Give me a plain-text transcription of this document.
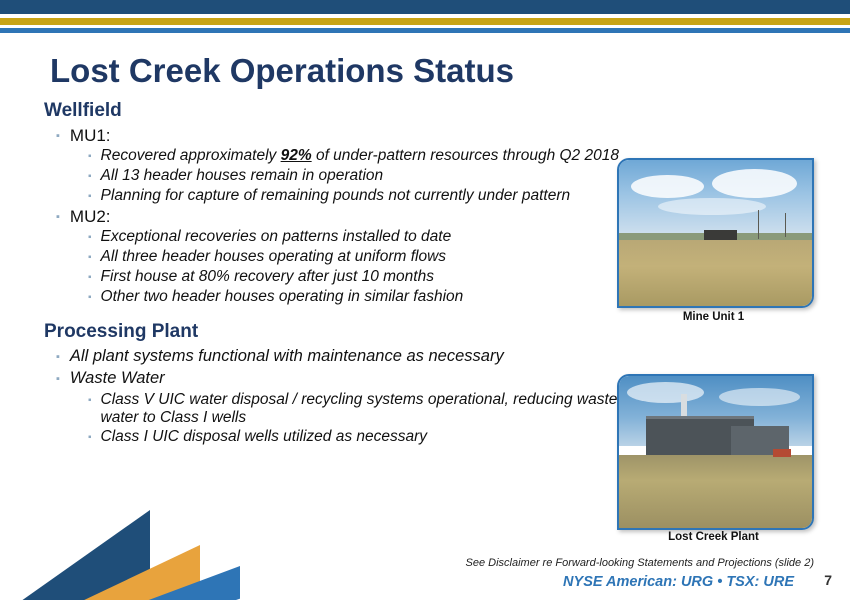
Lost Creek Operations Status
Wellfield
▪ MU1:
▪ Recovered approximately 92% of under-pattern resources through Q2 2018
▪ All 13 header houses remain in operation
▪ Planning for capture of remaining pounds not currently under pattern
▪ MU2:
▪ Exceptional recoveries on patterns installed to date
▪ All three header houses operating at uniform flows
▪ First house at 80% recovery after just 10 months
▪ Other two header houses operating in similar fashion
Processing Plant
▪ All plant systems functional with maintenance as necessary
▪ Waste Water
▪ Class V UIC water disposal / recycling systems operational, reducing waste water to Class I wells
▪ Class I UIC disposal wells utilized as necessary
Mine Unit 1
Lost Creek Plant
See Disclaimer re Forward-looking Statements and Projections (slide 2)
NYSE American: URG • TSX: URE 7
